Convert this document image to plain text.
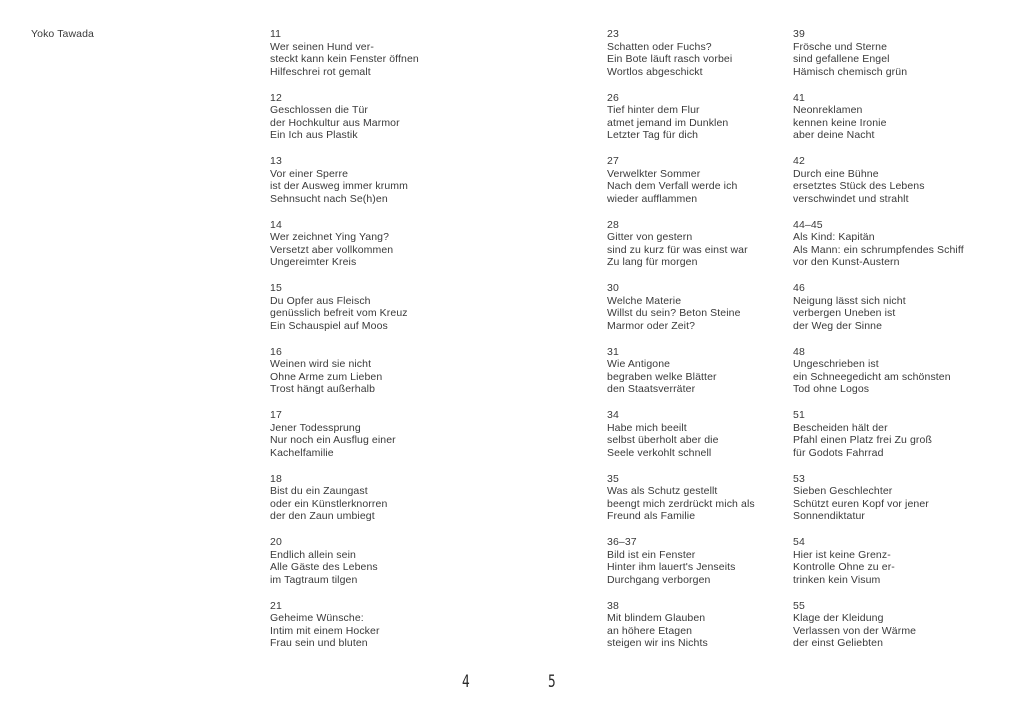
Yoko Tawada	11
Wer seinen Hund ver-
steckt kann kein Fenster öffnen
Hilfeschrei rot gemalt
12
Geschlossen die Tür
der Hochkultur aus Marmor
Ein Ich aus Plastik
13
Vor einer Sperre
ist der Ausweg immer krumm
Sehnsucht nach Se(h)en
14
Wer zeichnet Ying Yang?
Versetzt aber vollkommen
Ungereimter Kreis
15
Du Opfer aus Fleisch
genüsslich befreit vom Kreuz
Ein Schauspiel auf Moos
16
Weinen wird sie nicht
Ohne Arme zum Lieben
Trost hängt außerhalb
17
Jener Todessprung
Nur noch ein Ausflug einer
Kachelfamilie
18
Bist du ein Zaungast
oder ein Künstlerknorren
der den Zaun umbiegt
20
Endlich allein sein
Alle Gäste des Lebens
im Tagtraum tilgen
21
Geheime Wünsche:
Intim mit einem Hocker
Frau sein und bluten
23
Schatten oder Fuchs?
Ein Bote läuft rasch vorbei
Wortlos abgeschickt
26
Tief hinter dem Flur
atmet jemand im Dunklen
Letzter Tag für dich
27
Verwelkter Sommer
Nach dem Verfall werde ich
wieder aufflammen
28
Gitter von gestern
sind zu kurz für was einst war
Zu lang für morgen
30
Welche Materie
Willst du sein? Beton Steine
Marmor oder Zeit?
31
Wie Antigone
begraben welke Blätter
den Staatsverräter
34
Habe mich beeilt
selbst überholt aber die
Seele verkohlt schnell
35
Was als Schutz gestellt
beengt mich zerdrückt mich als
Freund als Familie
36–37
Bild ist ein Fenster
Hinter ihm lauert's Jenseits
Durchgang verborgen
38
Mit blindem Glauben
an höhere Etagen
steigen wir ins Nichts
39
Frösche und Sterne
sind gefallene Engel
Hämisch chemisch grün
41
Neonreklamen
kennen keine Ironie
aber deine Nacht
42
Durch eine Bühne
ersetztes Stück des Lebens
verschwindet und strahlt
44–45
Als Kind: Kapitän
Als Mann: ein schrumpfendes Schiff
vor den Kunst-Austern
46
Neigung lässt sich nicht
verbergen Uneben ist
der Weg der Sinne
48
Ungeschrieben ist
ein Schneegedicht am schönsten
Tod ohne Logos
51
Bescheiden hält der
Pfahl einen Platz frei Zu groß
für Godots Fahrrad
53
Sieben Geschlechter
Schützt euren Kopf vor jener
Sonnendiktatur
54
Hier ist keine Grenz-
Kontrolle Ohne zu er-
trinken kein Visum
55
Klage der Kleidung
Verlassen von der Wärme
der einst Geliebten
4	5
